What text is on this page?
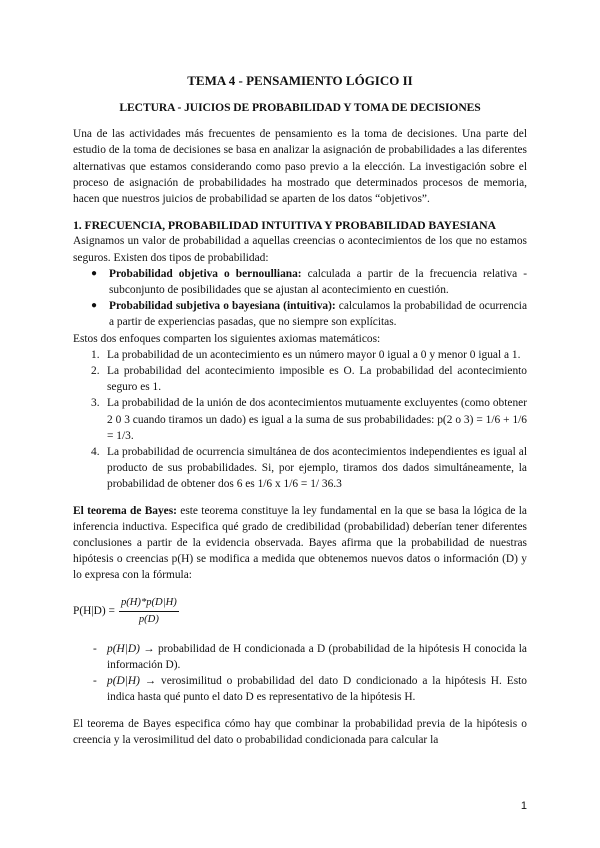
TEMA 4 - PENSAMIENTO LÓGICO II
LECTURA - JUICIOS DE PROBABILIDAD Y TOMA DE DECISIONES

Una de las actividades más frecuentes de pensamiento es la toma de decisiones. Una parte del estudio de la toma de decisiones se basa en analizar la asignación de probabilidades a las diferentes alternativas que estamos considerando como paso previo a la elección. La investigación sobre el proceso de asignación de probabilidades ha mostrado que determinados procesos de memoria, hacen que nuestros juicios de probabilidad se aparten de los datos “objetivos”.

1. FRECUENCIA, PROBABILIDAD INTUITIVA Y PROBABILIDAD BAYESIANA

Asignamos un valor de probabilidad a aquellas creencias o acontecimientos de los que no estamos seguros. Existen dos tipos de probabilidad:

● Probabilidad objetiva o bernoulliana: calculada a partir de la frecuencia relativa - subconjunto de posibilidades que se ajustan al acontecimiento en cuestión.
● Probabilidad subjetiva o bayesiana (intuitiva): calculamos la probabilidad de ocurrencia a partir de experiencias pasadas, que no siempre son explícitas.

Estos dos enfoques comparten los siguientes axiomas matemáticos:

1. La probabilidad de un acontecimiento es un número mayor 0 igual a 0 y menor 0 igual a 1.
2. La probabilidad del acontecimiento imposible es O. La probabilidad del acontecimiento seguro es 1.
3. La probabilidad de la unión de dos acontecimientos mutuamente excluyentes (como obtener 2 0 3 cuando tiramos un dado) es igual a la suma de sus probabilidades: p(2 o 3) = 1/6 + 1/6 = 1/3.
4. La probabilidad de ocurrencia simultánea de dos acontecimientos independientes es igual al producto de sus probabilidades. Si, por ejemplo, tiramos dos dados simultáneamente, la probabilidad de obtener dos 6 es 1/6 x 1/6 = 1/ 36.3

El teorema de Bayes: este teorema constituye la ley fundamental en la que se basa la lógica de la inferencia inductiva. Especifica qué grado de credibilidad (probabilidad) deberían tener diferentes conclusiones a partir de la evidencia observada. Bayes afirma que la probabilidad de nuestras hipótesis o creencias p(H) se modifica a medida que obtenemos nuevos datos o información (D) y lo expresa con la fórmula:

$P(H|D) = \frac{p(H)*p(D|H)}{p(D)}$
- p(H|D) → probabilidad de H condicionada a D (probabilidad de la hipótesis H conocida la información D).
- p(D|H) → verosimilitud o probabilidad del dato D condicionado a la hipótesis H. Esto indica hasta qué punto el dato D es representativo de la hipótesis H.

El teorema de Bayes especifica cómo hay que combinar la probabilidad previa de la hipótesis o creencia y la verosimilitud del dato o probabilidad condicionada para calcular la

1
